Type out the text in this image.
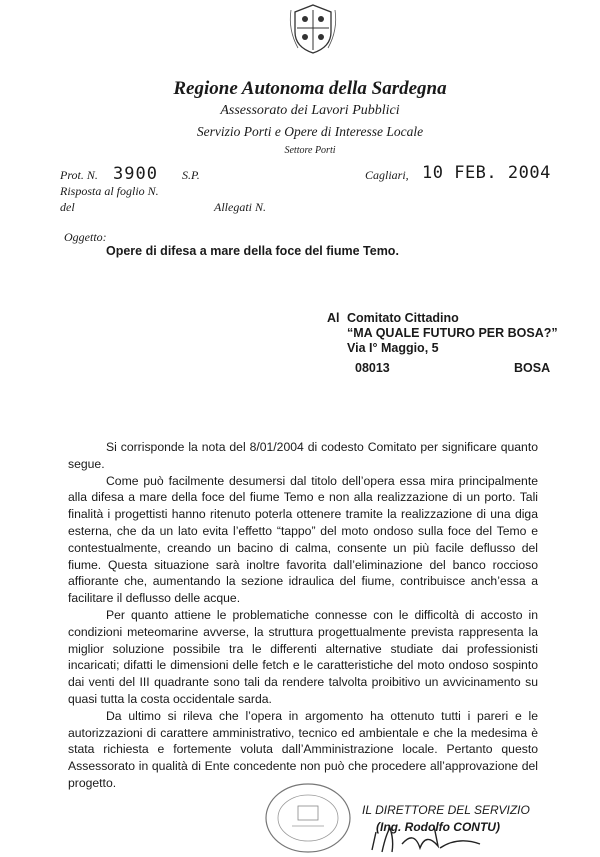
Regione Autonoma della Sardegna
Assessorato dei Lavori Pubblici
Servizio Porti e Opere di Interesse Locale
Settore Porti
Prot. N. 3900 S.P.
Risposta al foglio N.
del	Allegati N.
Cagliari, 10 FEB. 2004
Oggetto:
Opere di difesa a mare della foce del fiume Temo.
Al Comitato Cittadino
“MA QUALE FUTURO PER BOSA?”
Via I° Maggio, 5
08013	BOSA

Si corrisponde la nota del 8/01/2004 di codesto Comitato per significare quanto segue.

Come può facilmente desumersi dal titolo dell’opera essa mira principalmente alla difesa a mare della foce del fiume Temo e non alla realizzazione di un porto. Tali finalità i progettisti hanno ritenuto poterla ottenere tramite la realizzazione di una diga esterna, che da un lato evita l’effetto “tappo” del moto ondoso sulla foce del Temo e contestualmente, creando un bacino di calma, consente un più facile deflusso del fiume. Questa situazione sarà inoltre favorita dall’eliminazione del banco roccioso affiorante che, aumentando la sezione idraulica del fiume, contribuisce anch’essa a facilitare il deflusso delle acque.

Per quanto attiene le problematiche connesse con le difficoltà di accosto in condizioni meteomarine avverse, la struttura progettualmente prevista rappresenta la miglior soluzione possibile tra le differenti alternative studiate dai professionisti incaricati; difatti le dimensioni delle fetch e le caratteristiche del moto ondoso sospinto dai venti del III quadrante sono tali da rendere talvolta proibitivo un avvicinamento su quasi tutta la costa occidentale sarda.

Da ultimo si rileva che l’opera in argomento ha ottenuto tutti i pareri e le autorizzazioni di carattere amministrativo, tecnico ed ambientale e che la medesima è stata richiesta e fortemente voluta dall’Amministrazione locale. Pertanto questo Assessorato in qualità di Ente concedente non può che procedere all’approvazione del progetto.

IL DIRETTORE DEL SERVIZIO
(Ing. Rodolfo CONTU)
